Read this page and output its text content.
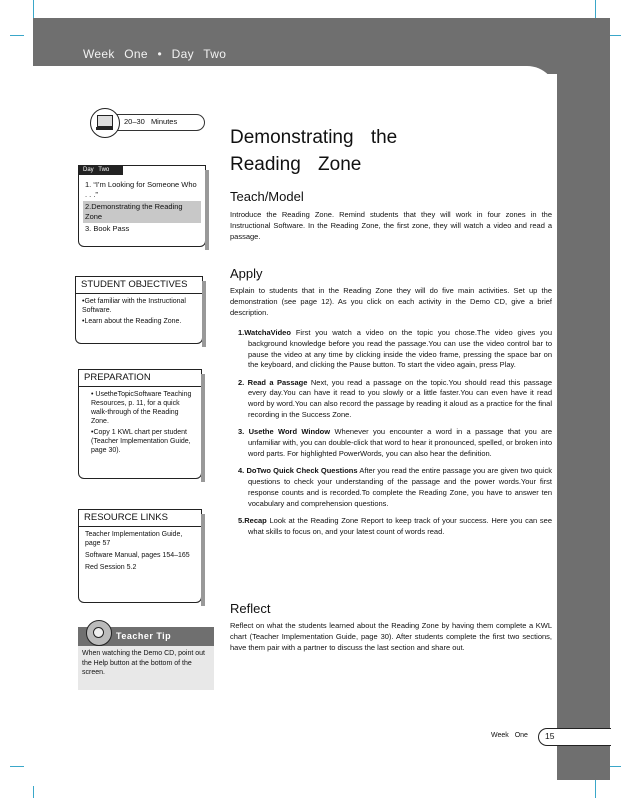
Week One • Day Two
20–30 Minutes
Day Two
1. “I’m Looking for Someone Who . . .”
2.Demonstrating the Reading Zone
3. Book Pass
STUDENT OBJECTIVES
•Get familiar with the Instructional Software.
•Learn about the Reading Zone.
PREPARATION
• UsetheTopicSoftware Teaching Resources, p. 11, for a quick walk-through of the Reading Zone.
•Copy 1 KWL chart per student (Teacher Implementation Guide, page 30).
RESOURCE LINKS
Teacher Implementation Guide, page 57
Software Manual, pages 154–165
Red Session 5.2
Teacher Tip
When watching the Demo CD, point out the Help button at the bottom of the screen.
Demonstrating the
Reading Zone
Teach/Model
Introduce the Reading Zone. Remind students that they will work in four zones in the Instructional Software. In the Reading Zone, the first zone, they will watch a video and read a passage.
Apply
Explain to students that in the Reading Zone they will do five main activities. Set up the demonstration (see page 12). As you click on each activity in the Demo CD, give a brief description.
1.WatchaVideo First you watch a video on the topic you chose.The video gives you background knowledge before you read the passage.You can use the video control bar to pause the video at any time by clicking inside the video frame, pressing the space bar on the keyboard, and clicking the Pause button. To start the video again, press Play.
2. Read a Passage Next, you read a passage on the topic.You should read this passage every day.You can have it read to you slowly or a little faster.You can even have it read word by word.You can also record the passage by reading it aloud as a practice for the final recording in the Success Zone.
3. Usethe Word Window Whenever you encounter a word in a passage that you are unfamiliar with, you can double-click that word to hear it pronounced, spelled, or broken into word parts. For highlighted PowerWords, you can also hear the definition.
4. DoTwo Quick Check Questions After you read the entire passage you are given two quick questions to check your understanding of the passage and the power words.Your first response counts and is recorded.To complete the Reading Zone, you have to answer ten vocabulary and comprehension questions.
5.Recap Look at the Reading Zone Report to keep track of your success. Here you can see what skills to focus on, and your latest count of words read.
Reflect
Reflect on what the students learned about the Reading Zone by having them complete a KWL chart (Teacher Implementation Guide, page 30). After students complete the first two sections, have them pair with a partner to discuss the last section and share out.
Week One 15
